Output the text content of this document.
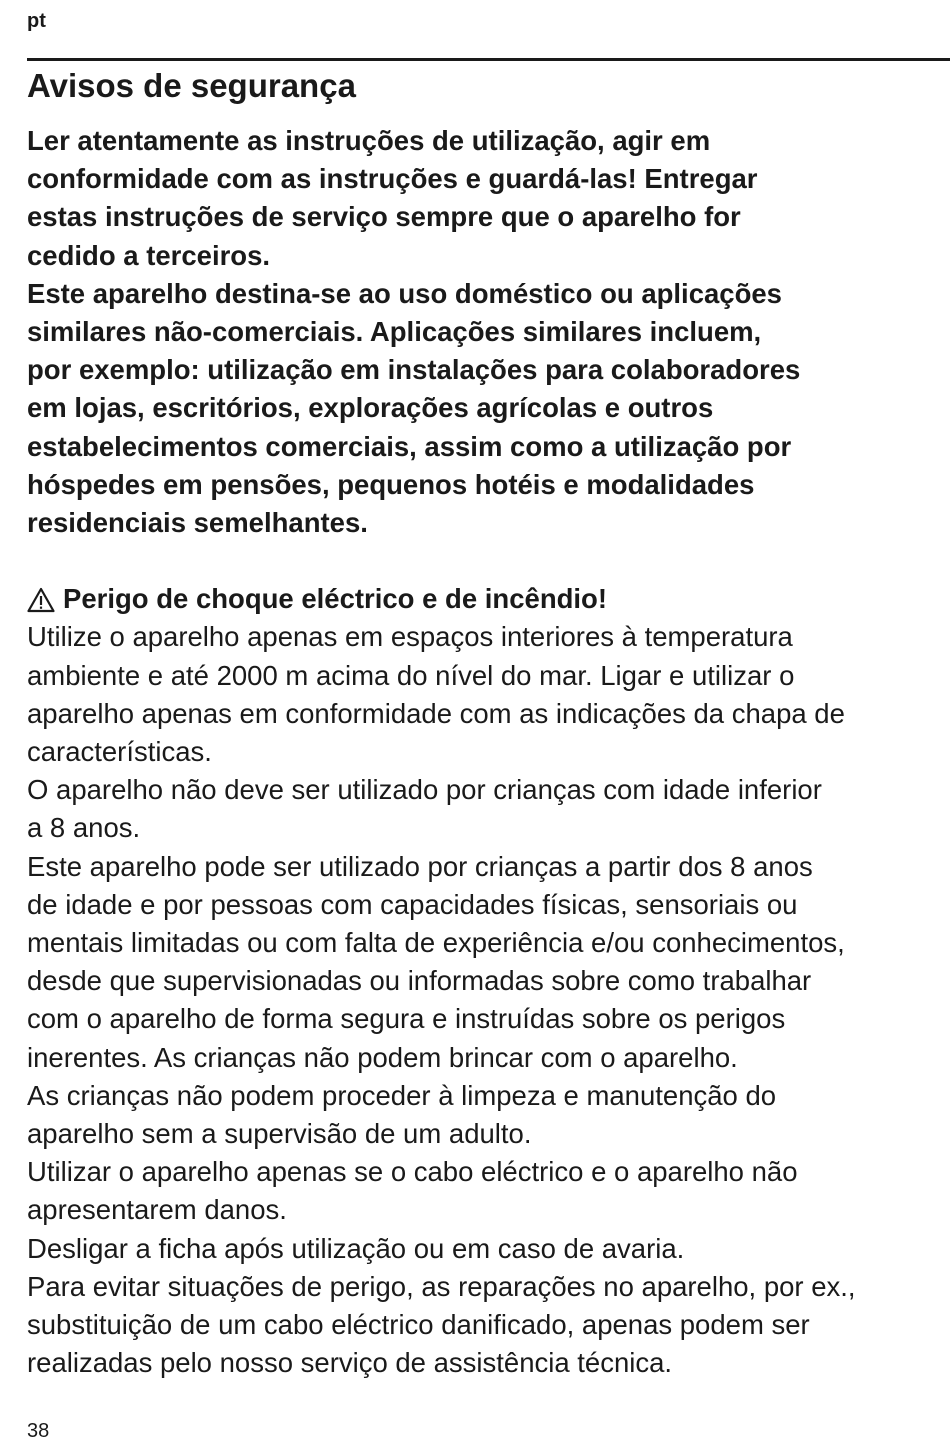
pt
Avisos de segurança

Ler atentamente as instruções de utilização, agir em
conformidade com as instruções e guardá-las! Entregar
estas instruções de serviço sempre que o aparelho for
cedido a terceiros.

Este aparelho destina-se ao uso doméstico ou aplicações
similares não-comerciais. Aplicações similares incluem,
por exemplo: utilização em instalações para colaboradores
em lojas, escritórios, explorações agrícolas e outros
estabelecimentos comerciais, assim como a utilização por
hóspedes em pensões, pequenos hotéis e modalidades
residenciais semelhantes.

Perigo de choque eléctrico e de incêndio!

Utilize o aparelho apenas em espaços interiores à temperatura
ambiente e até 2000 m acima do nível do mar. Ligar e utilizar o
aparelho apenas em conformidade com as indicações da chapa de
características.

O aparelho não deve ser utilizado por crianças com idade inferior
a 8 anos.

Este aparelho pode ser utilizado por crianças a partir dos 8 anos
de idade e por pessoas com capacidades físicas, sensoriais ou
mentais limitadas ou com falta de experiência e/ou conhecimentos,
desde que supervisionadas ou informadas sobre como trabalhar
com o aparelho de forma segura e instruídas sobre os perigos
inerentes. As crianças não podem brincar com o aparelho.

As crianças não podem proceder à limpeza e manutenção do
aparelho sem a supervisão de um adulto.

Utilizar o aparelho apenas se o cabo eléctrico e o aparelho não
apresentarem danos.

Desligar a ficha após utilização ou em caso de avaria.

Para evitar situações de perigo, as reparações no aparelho, por ex.,
substituição de um cabo eléctrico danificado, apenas podem ser
realizadas pelo nosso serviço de assistência técnica.

38
